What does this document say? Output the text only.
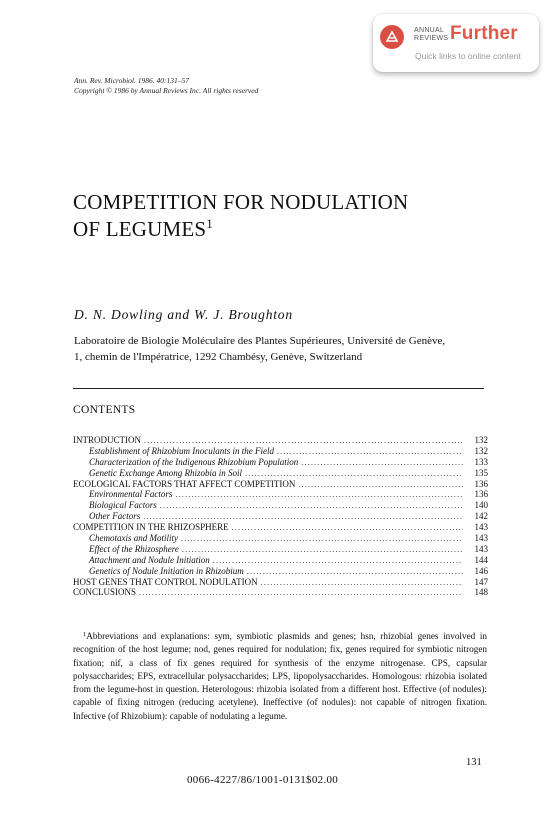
ANNUAL
REVIEWS Further
Quick links to online content
Ann. Rev. Microbiol. 1986. 40:131–57
Copyright © 1986 by Annual Reviews Inc. All rights reserved
COMPETITION FOR NODULATION
OF LEGUMES$^1$
D. N. Dowling and W. J. Broughton
Laboratoire de Biologie Moléculaire des Plantes Supérieures, Université de Genève,
1, chemin de l'Impératrice, 1292 Chambésy, Genève, Switzerland
CONTENTS
INTRODUCTION .....	132
Establishment of Rhizobium Inoculants in the Field .....	132
Characterization of the Indigenous Rhizobium Population .....	133
Genetic Exchange Among Rhizobia in Soil .....	135
ECOLOGICAL FACTORS THAT AFFECT COMPETITION .....	136
Environmental Factors .....	136
Biological Factors .....	140
Other Factors .....	142
COMPETITION IN THE RHIZOSPHERE .....	143
Chemotaxis and Motility .....	143
Effect of the Rhizosphere .....	143
Attachment and Nodule Initiation .....	144
Genetics of Nodule Initiation in Rhizobium .....	146
HOST GENES THAT CONTROL NODULATION .....	147
CONCLUSIONS .....	148
$^1$Abbreviations and explanations: sym, symbiotic plasmids and genes; hsn, rhizobial genes involved in recognition of the host legume; nod, genes required for nodulation; fix, genes required for symbiotic nitrogen fixation; nif, a class of fix genes required for synthesis of the enzyme nitrogenase. CPS, capsular polysaccharides; EPS, extracellular polysaccharides; LPS, lipopolysaccharides. Homologous: rhizobia isolated from the legume-host in question. Heterologous: rhizobia isolated from a different host. Effective (of nodules): capable of fixing nitrogen (reducing acetylene). Ineffective (of nodules): not capable of nitrogen fixation. Infective (of Rhizobium): capable of nodulating a legume.
131
0066-4227/86/1001-0131$02.00
